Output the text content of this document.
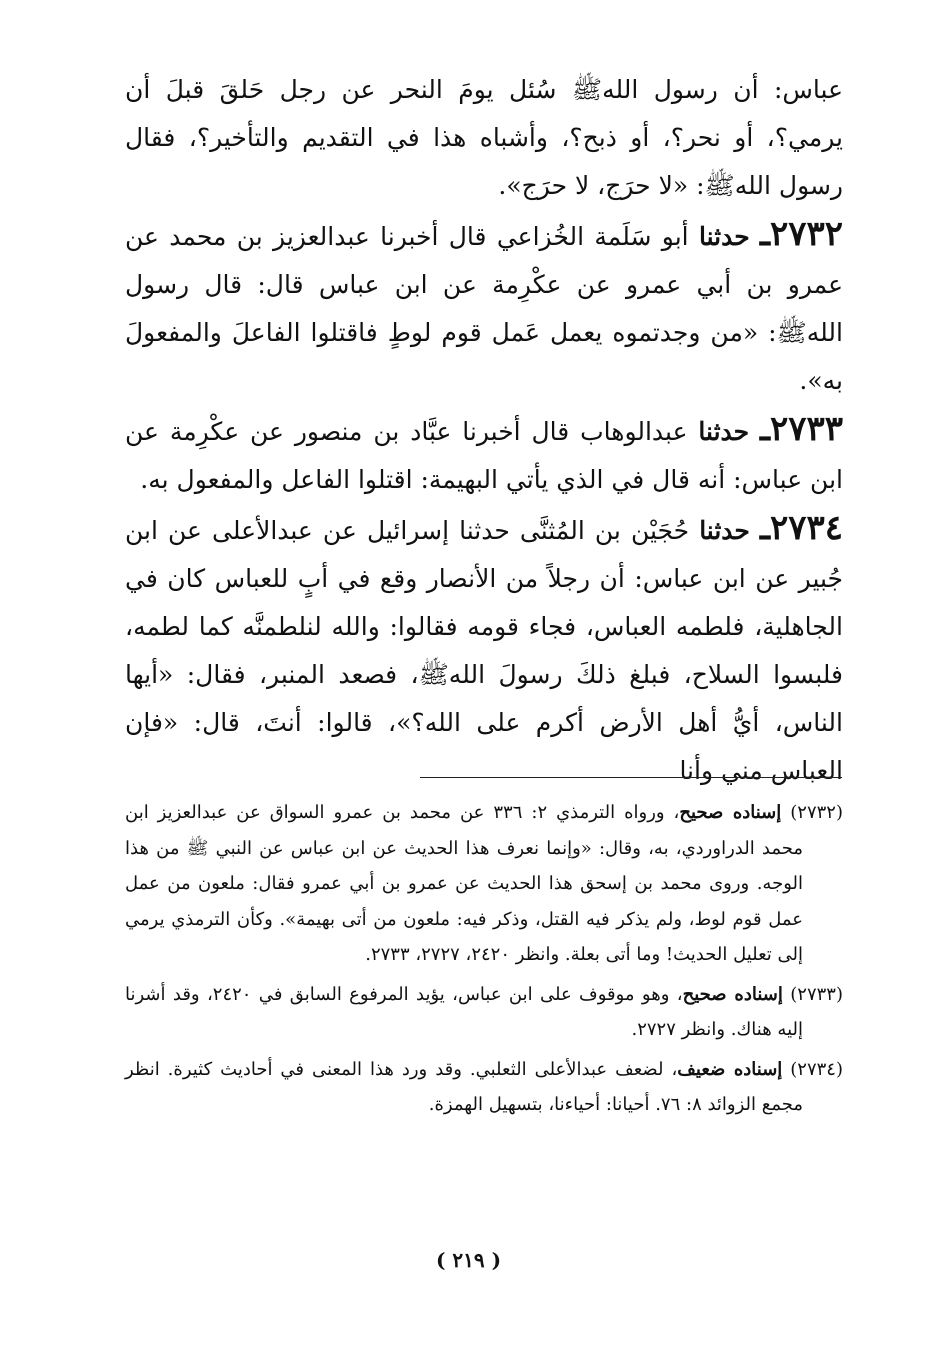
عباس: أن رسول اللهﷺ سُئل يومَ النحر عن رجل حَلقَ قبلَ أن يرمي؟، أو نحر؟، أو ذبح؟، وأشباه هذا في التقديم والتأخير؟، فقال رسول اللهﷺ: «لا حرَج، لا حرَج».

٢٧٣٢ـ حدثنا أبو سَلَمة الخُزاعي قال أخبرنا عبدالعزيز بن محمد عن عمرو بن أبي عمرو عن عكْرِمة عن ابن عباس قال: قال رسول اللهﷺ: «من وجدتموه يعمل عَمل قوم لوطٍ فاقتلوا الفاعلَ والمفعولَ به».

٢٧٣٣ـ حدثنا عبدالوهاب قال أخبرنا عبَّاد بن منصور عن عكْرِمة عن ابن عباس: أنه قال في الذي يأتي البهيمة: اقتلوا الفاعل والمفعول به.

٢٧٣٤ـ حدثنا حُجَيْن بن المُثنَّى حدثنا إسرائيل عن عبدالأعلى عن ابن جُبير عن ابن عباس: أن رجلاً من الأنصار وقع في أبٍ للعباس كان في الجاهلية، فلطمه العباس، فجاء قومه فقالوا: والله لنلطمنَّه كما لطمه، فلبسوا السلاح، فبلغ ذلكَ رسولَ اللهﷺ، فصعد المنبر، فقال: «أيها الناس، أيُّ أهل الأرض أكرم على الله؟»، قالوا: أنتَ، قال: «فإن العباس مني وأنا

(٢٧٣٢) إسناده صحيح، ورواه الترمذي ٢: ٣٣٦ عن محمد بن عمرو السواق عن عبدالعزيز ابن محمد الدراوردي، به، وقال: «وإنما نعرف هذا الحديث عن ابن عباس عن النبي ﷺ من هذا الوجه. وروى محمد بن إسحق هذا الحديث عن عمرو بن أبي عمرو فقال: ملعون من عمل عمل قوم لوط، ولم يذكر فيه القتل، وذكر فيه: ملعون من أتى بهيمة». وكأن الترمذي يرمي إلى تعليل الحديث! وما أتى بعلة. وانظر ٢٤٢٠، ٢٧٢٧، ٢٧٣٣.

(٢٧٣٣) إسناده صحيح، وهو موقوف على ابن عباس، يؤيد المرفوع السابق في ٢٤٢٠، وقد أشرنا إليه هناك. وانظر ٢٧٢٧.

(٢٧٣٤) إسناده ضعيف، لضعف عبدالأعلى الثعلبي. وقد ورد هذا المعنى في أحاديث كثيرة. انظر مجمع الزوائد ٨: ٧٦. أحيانا: أحياءنا، بتسهيل الهمزة.

( ٢١٩ )
